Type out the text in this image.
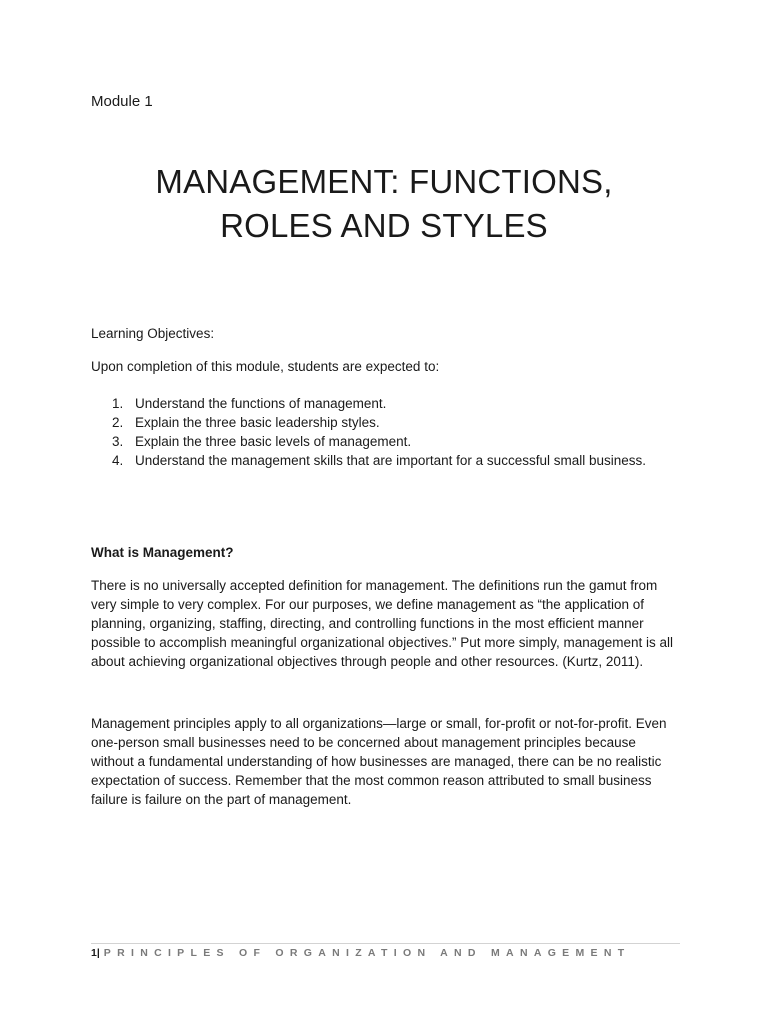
Module 1
MANAGEMENT: FUNCTIONS,
ROLES AND STYLES
Learning Objectives:
Upon completion of this module, students are expected to:
1. Understand the functions of management.
2. Explain the three basic leadership styles.
3. Explain the three basic levels of management.
4. Understand the management skills that are important for a successful small business.
What is Management?

There is no universally accepted definition for management. The definitions run the gamut from very simple to very complex. For our purposes, we define management as “the application of planning, organizing, staffing, directing, and controlling functions in the most efficient manner possible to accomplish meaningful organizational objectives.” Put more simply, management is all about achieving organizational objectives through people and other resources. (Kurtz, 2011).

Management principles apply to all organizations—large or small, for-profit or not-for-profit. Even one-person small businesses need to be concerned about management principles because without a fundamental understanding of how businesses are managed, there can be no realistic expectation of success. Remember that the most common reason attributed to small business failure is failure on the part of management.

1| PRINCIPLES OF ORGANIZATION AND MANAGEMENT
